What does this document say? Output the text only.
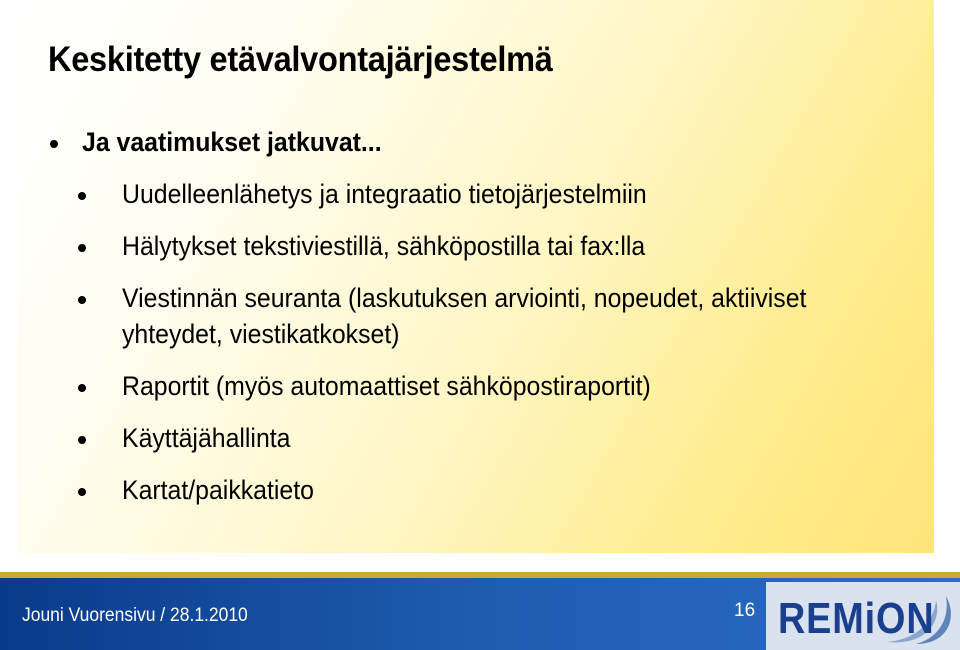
Keskitetty etävalvontajärjestelmä
Ja vaatimukset jatkuvat...
Uudelleenlähetys ja integraatio tietojärjestelmiin
Hälytykset tekstiviestillä, sähköpostilla tai fax:lla
Viestinnän seuranta (laskutuksen arviointi, nopeudet, aktiiviset yhteydet, viestikatkokset)
Raportit (myös automaattiset sähköpostiraportit)
Käyttäjähallinta
Kartat/paikkatieto
Jouni Vuorensivu / 28.1.2010	16 REMiON
